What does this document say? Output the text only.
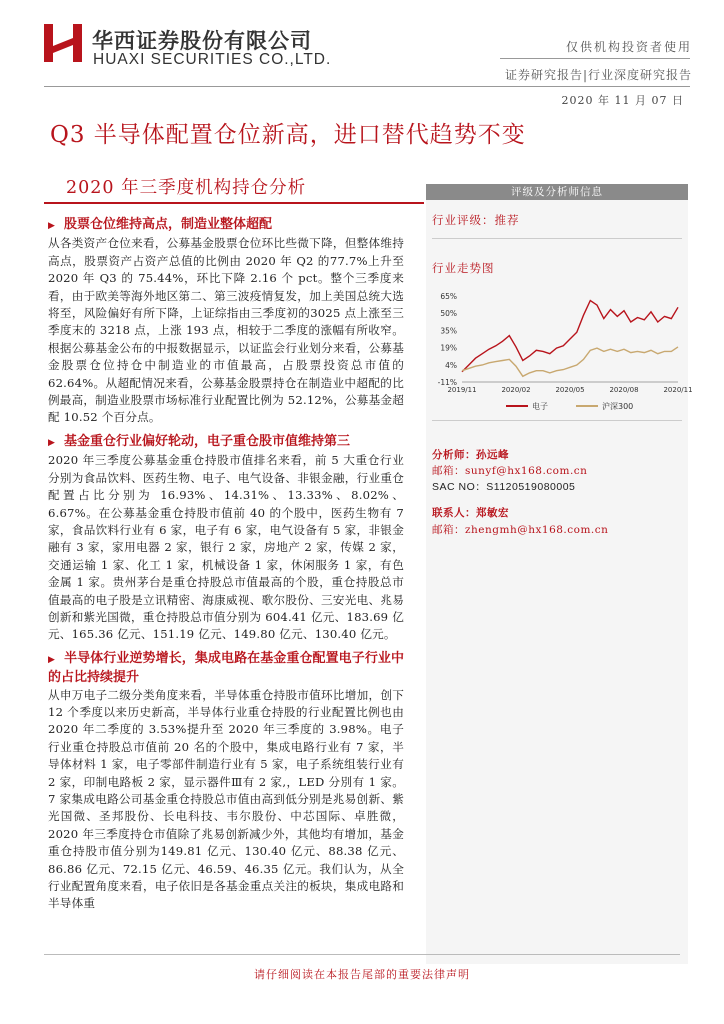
华西证券股份有限公司
HUAXI SECURITIES CO.,LTD.
仅供机构投资者使用
证券研究报告|行业深度研究报告
2020 年 11 月 07 日
Q3 半导体配置仓位新高，进口替代趋势不变
2020 年三季度机构持仓分析
▶ 股票仓位维持高点，制造业整体超配

从各类资产仓位来看，公募基金股票仓位环比些微下降，但整体维持高点，股票资产占资产总值的比例由 2020 年 Q2 的77.7%上升至 2020 年 Q3 的 75.44%，环比下降 2.16 个 pct。整个三季度来看，由于欧美等海外地区第二、第三波疫情复发，加上美国总统大选将至，风险偏好有所下降，上证综指由三季度初的3025 点上涨至三季度末的 3218 点，上涨 193 点，相较于二季度的涨幅有所收窄。根据公募基金公布的中报数据显示，以证监会行业划分来看，公募基金股票仓位持仓中制造业的市值最高，占股票投资总市值的 62.64%。从超配情况来看，公募基金股票持仓在制造业中超配的比例最高，制造业股票市场标准行业配置比例为 52.12%，公募基金超配 10.52 个百分点。

▶ 基金重仓行业偏好轮动，电子重仓股市值维持第三

2020 年三季度公募基金重仓持股市值排名来看，前 5 大重仓行业分别为食品饮料、医药生物、电子、电气设备、非银金融，行业重仓配置占比分别为 16.93%、14.31%、13.33%、8.02%、6.67%。在公募基金重仓持股市值前 40 的个股中，医药生物有 7 家，食品饮料行业有 6 家，电子有 6 家，电气设备有 5 家，非银金融有 3 家，家用电器 2 家，银行 2 家，房地产 2 家，传媒 2 家，交通运输 1 家、化工 1 家，机械设备 1 家，休闲服务 1 家，有色金属 1 家。贵州茅台是重仓持股总市值最高的个股，重仓持股总市值最高的电子股是立讯精密、海康威视、歌尔股份、三安光电、兆易创新和紫光国微，重仓持股总市值分别为 604.41 亿元、183.69 亿元、165.36 亿元、151.19 亿元、149.80 亿元、130.40 亿元。

▶ 半导体行业逆势增长，集成电路在基金重仓配置电子行业中的占比持续提升

从申万电子二级分类角度来看，半导体重仓持股市值环比增加，创下 12 个季度以来历史新高，半导体行业重仓持股的行业配置比例也由 2020 年二季度的 3.53%提升至 2020 年三季度的 3.98%。电子行业重仓持股总市值前 20 名的个股中，集成电路行业有 7 家，半导体材料 1 家，电子零部件制造行业有 5 家，电子系统组装行业有 2 家，印制电路板 2 家，显示器件Ⅲ有 2 家,，LED 分別有 1 家。7 家集成电路公司基金重仓持股总市值由高到低分别是兆易创新、紫光国微、圣邦股份、长电科技、韦尔股份、中芯国际、卓胜微，2020 年三季度持仓市值除了兆易创新减少外，其他均有增加，基金重仓持股市值分别为149.81 亿元、130.40 亿元、88.38 亿元、86.86 亿元、72.15 亿元、46.59、46.35 亿元。我们认为，从全行业配置角度来看，电子依旧是各基金重点关注的板块，集成电路和半导体重

评级及分析师信息
行业评级：推荐
行业走势图
65%
50%
35%
19%
4%
-11%
2019/11	2020/02	2020/05	2020/08	2020/11
电子	沪深300
分析师：孙远峰
邮箱：sunyf@hx168.com.cn
SAC NO：S1120519080005
联系人：郑敏宏
邮箱：zhengmh@hx168.com.cn
请仔细阅读在本报告尾部的重要法律声明
